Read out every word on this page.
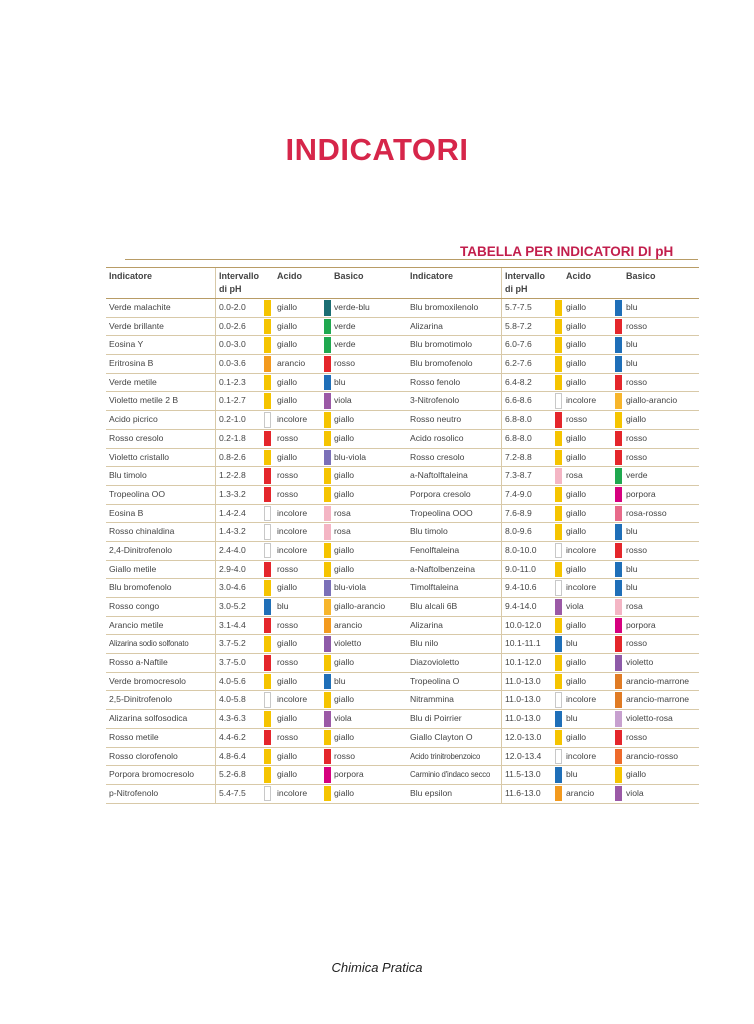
INDICATORI
TABELLA PER INDICATORI DI pH
Indicatore	Intervallo
di pH
Acido	Basico	Indicatore	Intervallo
di pH
Acido	Basico
Verde malachite	0.0-2.0	giallo	verde-blu	Blu bromoxilenolo	5.7-7.5	giallo	blu
Verde brillante	0.0-2.6	giallo	verde	Alizarina	5.8-7.2	giallo	rosso
Eosina Y	0.0-3.0	giallo	verde	Blu bromotimolo	6.0-7.6	giallo	blu
Eritrosina B	0.0-3.6	arancio	rosso	Blu bromofenolo	6.2-7.6	giallo	blu
Verde metile	0.1-2.3	giallo	blu	Rosso fenolo	6.4-8.2	giallo	rosso
Violetto metile 2 B	0.1-2.7	giallo	viola	3-Nitrofenolo	6.6-8.6	incolore	giallo-arancio
Acido picrico	0.2-1.0	incolore	giallo	Rosso neutro	6.8-8.0	rosso	giallo
Rosso cresolo	0.2-1.8	rosso	giallo	Acido rosolico	6.8-8.0	giallo	rosso
Violetto cristallo	0.8-2.6	giallo	blu-viola	Rosso cresolo	7.2-8.8	giallo	rosso
Blu timolo	1.2-2.8	rosso	giallo	a-Naftolftaleina	7.3-8.7	rosa	verde
Tropeolina OO	1.3-3.2	rosso	giallo	Porpora cresolo	7.4-9.0	giallo	porpora
Eosina B	1.4-2.4	incolore	rosa	Tropeolina OOO	7.6-8.9	giallo	rosa-rosso
Rosso chinaldina	1.4-3.2	incolore	rosa	Blu timolo	8.0-9.6	giallo	blu
2,4-Dinitrofenolo	2.4-4.0	incolore	giallo	Fenolftaleina	8.0-10.0	incolore	rosso
Giallo metile	2.9-4.0	rosso	giallo	a-Naftolbenzeina	9.0-11.0	giallo	blu
Blu bromofenolo	3.0-4.6	giallo	blu-viola	Timolftaleina	9.4-10.6	incolore	blu
Rosso congo	3.0-5.2	blu	giallo-arancio	Blu alcali 6B	9.4-14.0	viola	rosa
Arancio metile	3.1-4.4	rosso	arancio	Alizarina	10.0-12.0	giallo	porpora
Alizarina sodio solfonato	3.7-5.2	giallo	violetto	Blu nilo	10.1-11.1	blu	rosso
Rosso a-Naftile	3.7-5.0	rosso	giallo	Diazovioletto	10.1-12.0	giallo	violetto
Verde bromocresolo	4.0-5.6	giallo	blu	Tropeolina O	11.0-13.0	giallo	arancio-marrone
2,5-Dinitrofenolo	4.0-5.8	incolore	giallo	Nitrammina	11.0-13.0	incolore	arancio-marrone
Alizarina solfosodica	4.3-6.3	giallo	viola	Blu di Poirrier	11.0-13.0	blu	violetto-rosa
Rosso metile	4.4-6.2	rosso	giallo	Giallo Clayton O	12.0-13.0	giallo	rosso
Rosso clorofenolo	4.8-6.4	giallo	rosso	Acido trinitrobenzoico	12.0-13.4	incolore	arancio-rosso
Porpora bromocresolo	5.2-6.8	giallo	porpora	Carminio d'indaco secco 11.5-13.0	blu	giallo
p-Nitrofenolo	5.4-7.5	incolore	giallo	Blu epsilon	11.6-13.0	arancio	viola
Chimica Pratica
